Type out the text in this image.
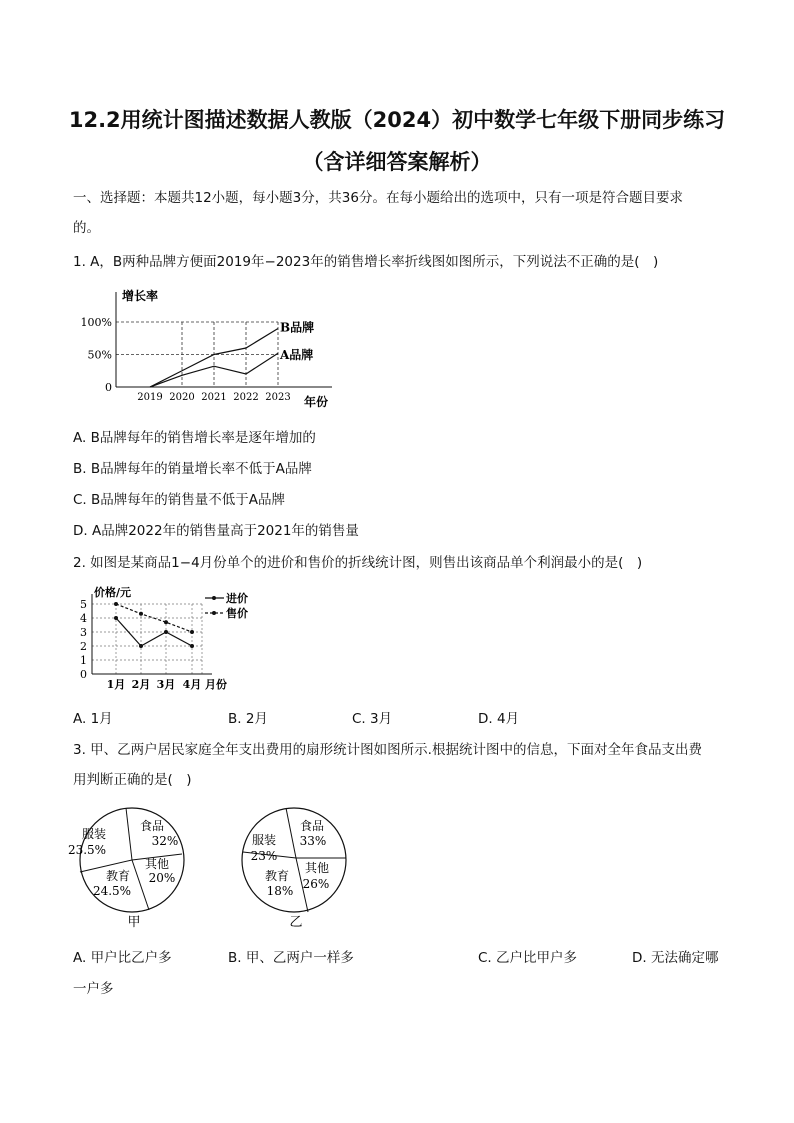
12.2用统计图描述数据人教版（2024）初中数学七年级下册同步练习
（含详细答案解析）
一、选择题：本题共12小题，每小题3分，共36分。在每小题给出的选项中，只有一项是符合题目要求
的。
1. A，B两种品牌方便面2019年−2023年的销售增长率折线图如图所示，下列说法不正确的是(　)
增长率
年份
0
50%
100%
2019 2020 2021 2022 2023
B品牌
A品牌
A. B品牌每年的销售增长率是逐年增加的
B. B品牌每年的销量增长率不低于A品牌
C. B品牌每年的销售量不低于A品牌
D. A品牌2022年的销售量高于2021年的销售量
2. 如图是某商品1−4月份单个的进价和售价的折线统计图，则售出该商品单个利润最小的是(　)
价格/元
0
1
2
3
4
5
1月 2月 3月 4月 月份
进价
售价
A. 1月	B. 2月	C. 3月	D. 4月
3. 甲、乙两户居民家庭全年支出费用的扇形统计图如图所示.根据统计图中的信息，下面对全年食品支出费
用判断正确的是(　)
食品
32%
其他
20%
教育
24.5%
服装
23.5%
甲
食品
33%
其他
26%
教育
18%
服装
23%
乙
A. 甲户比乙户多	B. 甲、乙两户一样多	C. 乙户比甲户多	D. 无法确定哪
一户多
